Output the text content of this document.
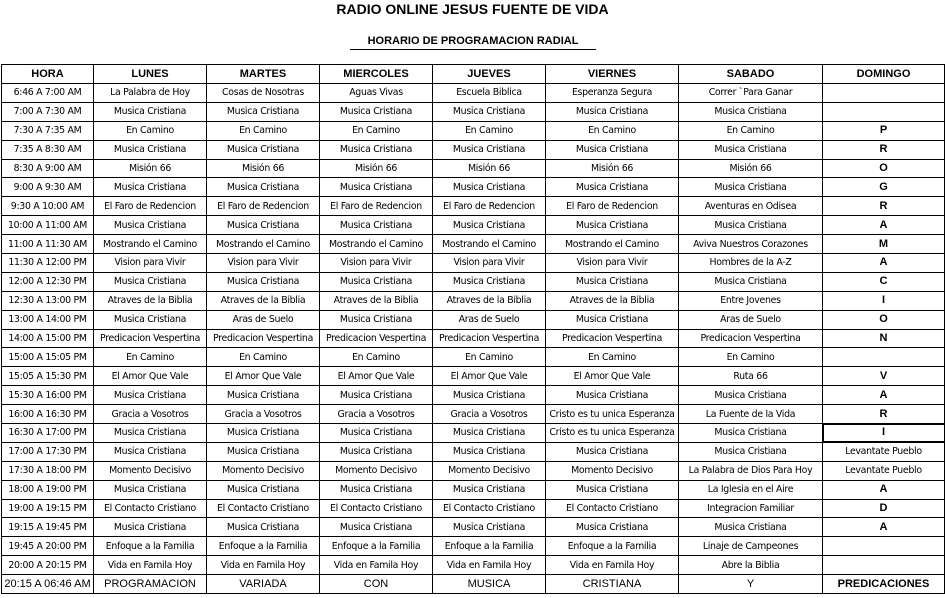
RADIO ONLINE JESUS FUENTE DE VIDA
HORARIO DE PROGRAMACION RADIAL
HORA	LUNES	MARTES	MIERCOLES	JUEVES	VIERNES	SABADO	DOMINGO
6:46 A 7:00 AM	La Palabra de Hoy	Cosas de Nosotras	Aguas Vivas	Escuela Biblica	Esperanza Segura	Correr `Para Ganar	
7:00 A 7:30 AM	Musica Cristiana	Musica Cristiana	Musica Cristiana	Musica Cristiana	Musica Cristiana	Musica Cristiana	
7:30 A 7:35 AM	En Camino	En Camino	En Camino	En Camino	En Camino	En Camino	P
7:35 A 8:30 AM	Musica Cristiana	Musica Cristiana	Musica Cristiana	Musica Cristiana	Musica Cristiana	Musica Cristiana	R
8:30 A 9:00 AM	Misión 66	Misión 66	Misión 66	Misión 66	Misión 66	Misión 66	O
9:00 A 9:30 AM	Musica Cristiana	Musica Cristiana	Musica Cristiana	Musica Cristiana	Musica Cristiana	Musica Cristiana	G
9:30 A 10:00 AM	El Faro de Redencion	El Faro de Redencion	El Faro de Redencion	El Faro de Redencion	El Faro de Redencion	Aventuras en Odisea	R
10:00 A 11:00 AM	Musica Cristiana	Musica Cristiana	Musica Cristiana	Musica Cristiana	Musica Cristiana	Musica Cristiana	A
11:00 A 11:30 AM	Mostrando el Camino	Mostrando el Camino	Mostrando el Camino	Mostrando el Camino	Mostrando el Camino	Aviva Nuestros Corazones	M
11:30 A 12:00 PM	Vision para Vivir	Vision para Vivir	Vision para Vivir	Vision para Vivir	Vision para Vivir	Hombres de la A-Z	A
12:00 A 12:30 PM	Musica Cristiana	Musica Cristiana	Musica Cristiana	Musica Cristiana	Musica Cristiana	Musica Cristiana	C
12:30 A 13:00 PM	Atraves de la Biblia	Atraves de la Biblia	Atraves de la Biblia	Atraves de la Biblia	Atraves de la Biblia	Entre Jovenes	I
13:00 A 14:00 PM	Musica Cristiana	Aras de Suelo	Musica Cristiana	Aras de Suelo	Musica Cristiana	Aras de Suelo	O
14:00 A 15:00 PM	Predicacion Vespertina	Predicacion Vespertina	Predicacion Vespertina	Predicacion Vespertina	Predicacion Vespertina	Predicacion Vespertina	N
15:00 A 15:05 PM	En Camino	En Camino	En Camino	En Camino	En Camino	En Camino	
15:05 A 15:30 PM	El Amor Que Vale	El Amor Que Vale	El Amor Que Vale	El Amor Que Vale	El Amor Que Vale	Ruta 66	V
15:30 A 16:00 PM	Musica Cristiana	Musica Cristiana	Musica Cristiana	Musica Cristiana	Musica Cristiana	Musica Cristiana	A
16:00 A 16:30 PM	Gracia a Vosotros	Gracia a Vosotros	Gracia a Vosotros	Gracia a Vosotros	Cristo es tu unica Esperanza	La Fuente de la Vida	R
16:30 A 17:00 PM	Musica Cristiana	Musica Cristiana	Musica Cristiana	Musica Cristiana	Cristo es tu unica Esperanza	Musica Cristiana	I
17:00 A 17:30 PM	Musica Cristiana	Musica Cristiana	Musica Cristiana	Musica Cristiana	Musica Cristiana	Musica Cristiana	Levantate Pueblo
17:30 A 18:00 PM	Momento Decisivo	Momento Decisivo	Momento Decisivo	Momento Decisivo	Momento Decisivo	La Palabra de Dios Para Hoy	Levantate Pueblo
18:00 A 19:00 PM	Musica Cristiana	Musica Cristiana	Musica Cristiana	Musica Cristiana	Musica Cristiana	La Iglesia en el Aire	A
19:00 A 19:15 PM	El Contacto Cristiano	El Contacto Cristiano	El Contacto Cristiano	El Contacto Cristiano	El Contacto Cristiano	Integracion Familiar	D
19:15 A 19:45 PM	Musica Cristiana	Musica Cristiana	Musica Cristiana	Musica Cristiana	Musica Cristiana	Musica Cristiana	A
19:45 A 20:00 PM	Enfoque a la Familia	Enfoque a la Familia	Enfoque a la Familia	Enfoque a la Familia	Enfoque a la Familia	Linaje de Campeones	
20:00 A 20:15 PM	Vida en Famila Hoy	Vida en Famila Hoy	Vida en Famila Hoy	Vida en Famila Hoy	Vida en Famila Hoy	Abre la Biblia	
20:15 A 06:46 AM	PROGRAMACION	VARIADA	CON	MUSICA	CRISTIANA	Y	PREDICACIONES
